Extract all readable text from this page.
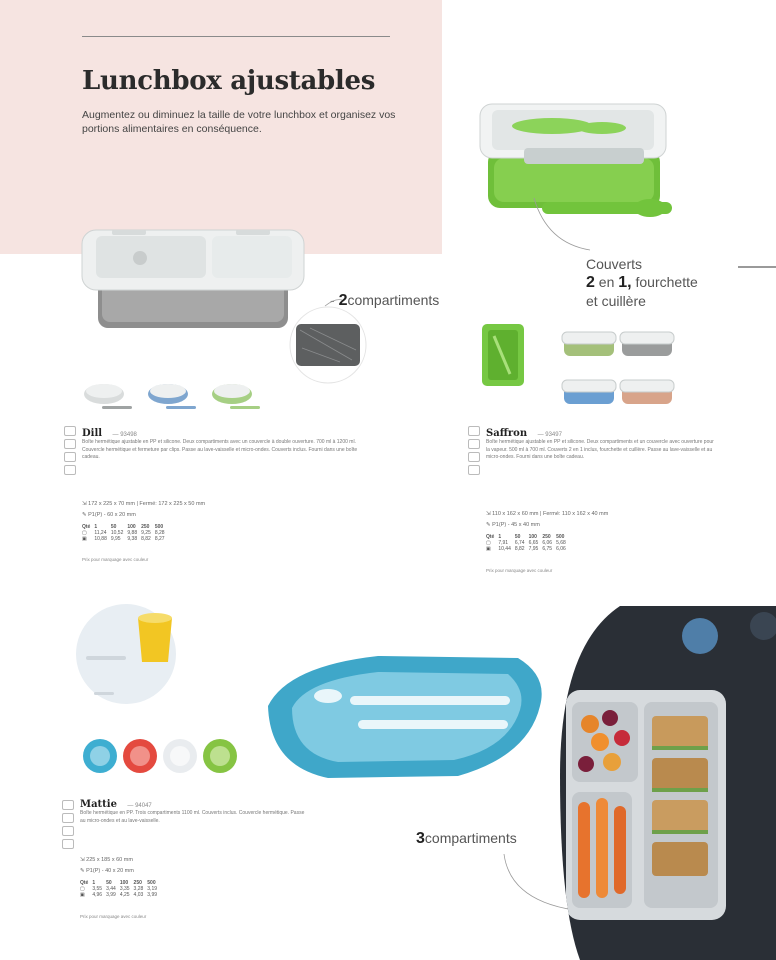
Lunchbox ajustables
Augmentez ou diminuez la taille de votre lunchbox et organisez vos portions alimentaires en conséquence.
- 2compartiments
Dill — 93498
Boîte hermétique ajustable en PP et silicone. Deux compartiments avec un couvercle à double ouverture. 700 ml à 1200 ml. Couvercle hermétique et fermeture par clips. Passe au lave-vaisselle et micro-ondes. Couverts inclus. Fourni dans une boîte cadeau.
⇲ 172 x 225 x 70 mm | Fermé: 172 x 225 x 50 mm
✎ P1(P) - 60 x 20 mm
Qté	1	50	100	250	500
▢	11,24	10,52	9,88	9,25	8,28
▣	10,88	9,95	9,38	8,82	8,27
Prix pour marquage avec couleur
Couverts
2 en 1, fourchette
et cuillère
Saffron — 93497
Boîte hermétique ajustable en PP et silicone. Deux compartiments et un couvercle avec ouverture pour la vapeur. 500 ml à 700 ml. Couverts 2 en 1 inclus, fourchette et cuillère. Passe au lave-vaisselle et au micro-ondes. Fourni dans une boîte cadeau.
⇲ 110 x 162 x 60 mm | Fermé: 110 x 162 x 40 mm
✎ P1(P) - 45 x 40 mm
Qté	1	50	100	250	500
▢	7,91	6,74	6,65	6,06	5,68
▣	10,44	8,82	7,95	6,75	6,06
Prix pour marquage avec couleur
Mattie — 94047
Boîte hermétique en PP. Trois compartiments 1100 ml. Couverts inclus. Couvercle hermétique. Passe au micro-ondes et au lave-vaisselle.
⇲ 225 x 185 x 60 mm
✎ P1(P) - 40 x 20 mm
Qté	1	50	100	250	500
▢	3,55	3,44	3,35	3,28	3,19
▣	4,96	3,99	4,25	4,03	3,99
Prix pour marquage avec couleur
3compartiments
